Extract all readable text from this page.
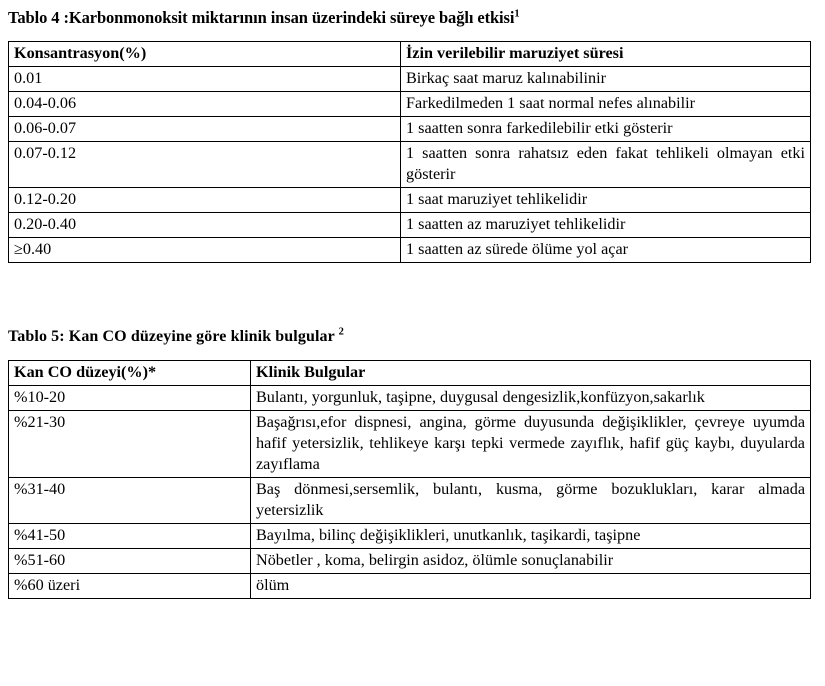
Tablo 4 :Karbonmonoksit miktarının insan üzerindeki süreye bağlı etkisi$^1$
Konsantrasyon(%)	İzin verilebilir maruziyet süresi
0.01	Birkaç saat maruz kalınabilinir
0.04-0.06	Farkedilmeden 1 saat normal nefes alınabilir
0.06-0.07	1 saatten sonra farkedilebilir etki gösterir
0.07-0.12	1 saatten sonra rahatsız eden fakat tehlikeli olmayan etki gösterir
0.12-0.20	1 saat maruziyet tehlikelidir
0.20-0.40	1 saatten az maruziyet tehlikelidir
≥0.40	1 saatten az sürede ölüme yol açar
Tablo 5: Kan CO düzeyine göre klinik bulgular $^2$
Kan CO düzeyi(%)*	Klinik Bulgular
%10-20	Bulantı, yorgunluk, taşipne, duygusal dengesizlik,konfüzyon,sakarlık
%21-30	Başağrısı,efor dispnesi, angina, görme duyusunda değişiklikler, çevreye uyumda hafif yetersizlik, tehlikeye karşı tepki vermede zayıflık, hafif güç kaybı, duyularda zayıflama
%31-40	Baş dönmesi,sersemlik, bulantı, kusma, görme bozuklukları, karar almada yetersizlik
%41-50	Bayılma, bilinç değişiklikleri, unutkanlık, taşikardi, taşipne
%51-60	Nöbetler , koma, belirgin asidoz, ölümle sonuçlanabilir
%60 üzeri	ölüm
